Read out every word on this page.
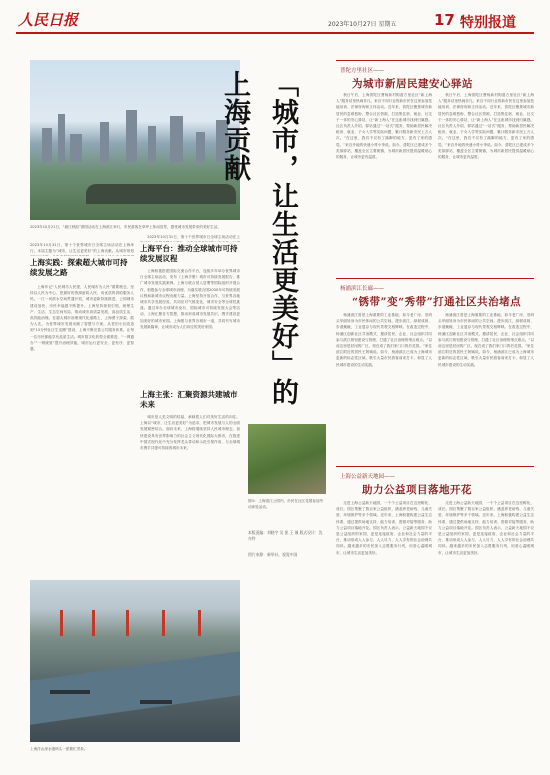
人民日报	2023年10月27日 星期五	17 特别报道
2023年10月21日，“浦江秋韵”游园活动在上海滨江举行，市民游客在草坪上休闲赏景，感受城市发展带来的美好生活。
2023年10月31日，第十个世界城市日全球主场活动在上海举行。本届主题为“城市，让生活更美好”的上海贡献。从城市规划
上海实践：探索超大城市可持续发展之路

上海牢记“人民城市人民建，人民城市为人民”重要理念，坚持以人民为中心，把最好的资源留给人民，用优质的供给服务人民。一江一河滨水空间贯通开放，城市更新持续推进，公园城市建设加快，市民幸福感不断提升。上海坚持规划引领，统筹生产、生活、生态空间布局，推动城市高质量发展、高品质生活、高效能治理。在超大城市治理现代化道路上，上海勇于探索、敢为人先，为世界城市发展贡献了智慧与方案。从老旧小区改造到“15分钟社区生活圈”建设，上海不断完善公共服务体系，让每一位市民都能享有品质生活。城市数字化转型全面推进，“一网通办”“一网统管”提升治理效能，城市运行更安全、更有序、更智慧。

2023年10月31日，第十个世界城市日全球主场活动在上

上海平台：推动全球城市可持续发展议程

上海积极搭建国际交流合作平台，连续多年举办世界城市日全球主场活动，发布《上海手册》城市可持续发展报告，推广城市发展实践案例。上海与联合国人居署等国际组织开展合作，积极参与全球城市治理，为落实联合国2030年可持续发展议程和新城市议程贡献力量。上海坚持开放合作，与世界各地城市共享发展经验，共同应对气候变化、城市安全等全球性挑战。通过举办全球城市论坛、国际城市可持续发展大会等活动，上海汇聚各方智慧，推动形成城市发展共识，携手建设更加美好的城市家园。上海愿与世界各城市一道，共同书写城市发展新篇章，让城市成为人们向往的美好家园。

上海主张：汇聚资源共建城市未来

城市是人类文明的结晶，承载着人们对美好生活的向往。上海以“城市，让生活更美好”为追求，把城市发展与人的全面发展紧密结合。面向未来，上海将继续坚持人民城市理念，加快建设具有世界影响力的社会主义现代化国际大都市，在推进中国式现代化中充分发挥龙头带动和示范引领作用，与全球城市携手共建可持续的城市未来。

「城市，让生活更美好」的上海贡献
图①：上海滨江公园内，市民在社区花园参加劳动体验活动。
本版责编：刘晓宇 吴 凯 王 瑾 版式设计：沈亦伶
图片来源：新华社、视觉中国
上海洋山深水港码头一派繁忙景象。
普陀方里社区——
为城市新居民建安心驿站

秋日午后，上海普陀区曹杨新村街道方里社区“新上海人”服务站里热闹非凡。来自不同行业的新市民在这里参加技能培训、法律咨询和文体活动。近年来，普陀区聚焦城市新居民的急难愁盼，整合社区资源，打造集住宿、就业、社交于一体的安心驿站，让“新上海人”在这座城市找到归属感。社区负责人介绍，驿站通过“一站式”服务，帮助新居民解决租房、就业、子女入学等实际问题，累计服务新市民上万人次。“在这里，我们不仅有了落脚的地方，更有了家的感觉。”来自外地的快递小哥小李说。如今，普陀区已建成多个类似驿站，覆盖全区主要街镇，为城市新居民提供温暖贴心的服务，让城市更有温度。

秋日午后，上海普陀区曹杨新村街道方里社区“新上海人”服务站里热闹非凡。来自不同行业的新市民在这里参加技能培训、法律咨询和文体活动。近年来，普陀区聚焦城市新居民的急难愁盼，整合社区资源，打造集住宿、就业、社交于一体的安心驿站，让“新上海人”在这座城市找到归属感。社区负责人介绍，驿站通过“一站式”服务，帮助新居民解决租房、就业、子女入学等实际问题，累计服务新市民上万人次。“在这里，我们不仅有了落脚的地方，更有了家的感觉。”来自外地的快递小哥小李说。如今，普陀区已建成多个类似驿站，覆盖全区主要街镇，为城市新居民提供温暖贴心的服务，让城市更有温度。

杨浦滨江长廊——
“锈带”变“秀带”打通社区共治堵点

杨浦滨江曾是上海重要的工业基地，如今老厂房、旧码头华丽转身为市民休闲的公共空间。漫步滨江，绿树成荫、步道蜿蜒，工业遗存与现代景观交相辉映。在改造过程中，杨浦区创新社区共治模式，邀请居民、企业、社会组织共同参与滨江规划建设与管理，打通了社区治理的堵点难点。“以前这里是封闭的厂区，现在成了我们家门口的后花园。”家住滨江附近的居民王阿姨说。如今，杨浦滨江已成为上海城市更新的标志性区域，吸引大量市民游客前来打卡，彰显了人民城市建设的生动实践。

杨浦滨江曾是上海重要的工业基地，如今老厂房、旧码头华丽转身为市民休闲的公共空间。漫步滨江，绿树成荫、步道蜿蜒，工业遗存与现代景观交相辉映。在改造过程中，杨浦区创新社区共治模式，邀请居民、企业、社会组织共同参与滨江规划建设与管理，打通了社区治理的堵点难点。“以前这里是封闭的厂区，现在成了我们家门口的后花园。”家住滨江附近的居民王阿姨说。如今，杨浦滨江已成为上海城市更新的标志性区域，吸引大量市民游客前来打卡，彰显了人民城市建设的生动实践。

上海公益新天地园——
助力公益项目落地开花

走进上海公益新天地园，一个个公益项目在这里孵化、成长。园区集聚了数百家公益组织，涵盖养老助残、儿童关爱、环境保护等多个领域。近年来，上海积极构建公益生态体系，通过提供场地支持、能力培训、资源对接等服务，助力公益项目落地开花。园区负责人表示，公益新天地园不仅是公益组织的家园，更是连接政府、企业和社会力量的平台，推动形成人人参与、人人尽力、人人享有的社会治理共同体。越来越多的市民加入志愿服务行列，用爱心温暖城市，让城市生活更加美好。

走进上海公益新天地园，一个个公益项目在这里孵化、成长。园区集聚了数百家公益组织，涵盖养老助残、儿童关爱、环境保护等多个领域。近年来，上海积极构建公益生态体系，通过提供场地支持、能力培训、资源对接等服务，助力公益项目落地开花。园区负责人表示，公益新天地园不仅是公益组织的家园，更是连接政府、企业和社会力量的平台，推动形成人人参与、人人尽力、人人享有的社会治理共同体。越来越多的市民加入志愿服务行列，用爱心温暖城市，让城市生活更加美好。
